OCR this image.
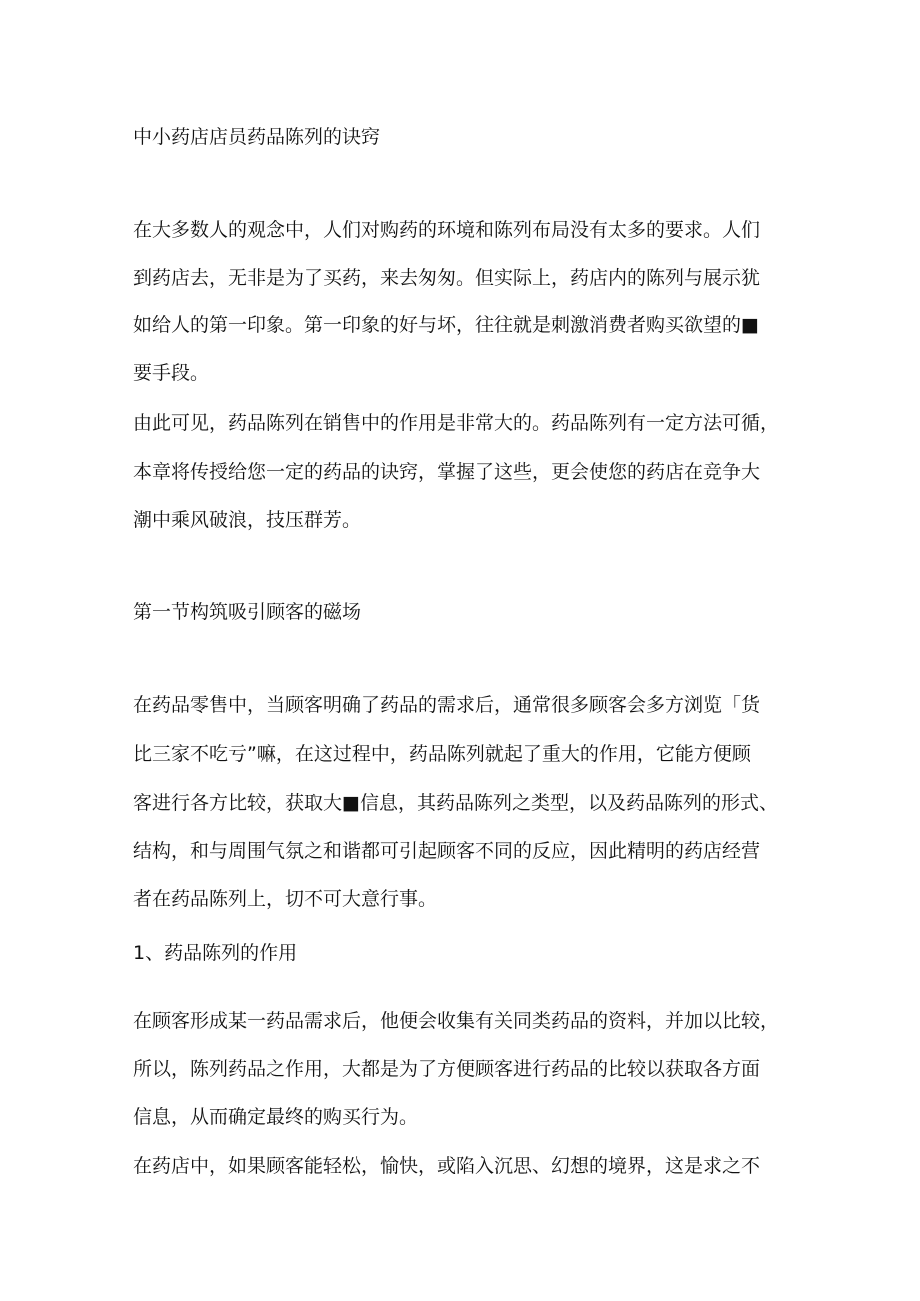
中小药店店员药品陈列的诀窍

在大多数人的观念中，人们对购药的环境和陈列布局没有太多的要求。人们

到药店去，无非是为了买药，来去匆匆。但实际上，药店内的陈列与展示犹

如给人的第一印象。第一印象的好与坏，往往就是刺激消费者购买欲望的■

要手段。

由此可见，药品陈列在销售中的作用是非常大的。药品陈列有一定方法可循，

本章将传授给您一定的药品的诀窍，掌握了这些，更会使您的药店在竞争大

潮中乘风破浪，技压群芳。

第一节构筑吸引顾客的磁场

在药品零售中，当顾客明确了药品的需求后，通常很多顾客会多方浏览「货

比三家不吃亏”嘛，在这过程中，药品陈列就起了重大的作用，它能方便顾

客进行各方比较，获取大■信息，其药品陈列之类型，以及药品陈列的形式、

结构，和与周围气氛之和谐都可引起顾客不同的反应，因此精明的药店经营

者在药品陈列上，切不可大意行事。

1、药品陈列的作用

在顾客形成某一药品需求后，他便会收集有关同类药品的资料，并加以比较，

所以，陈列药品之作用，大都是为了方便顾客进行药品的比较以获取各方面

信息，从而确定最终的购买行为。

在药店中，如果顾客能轻松，愉快，或陷入沉思、幻想的境界，这是求之不
